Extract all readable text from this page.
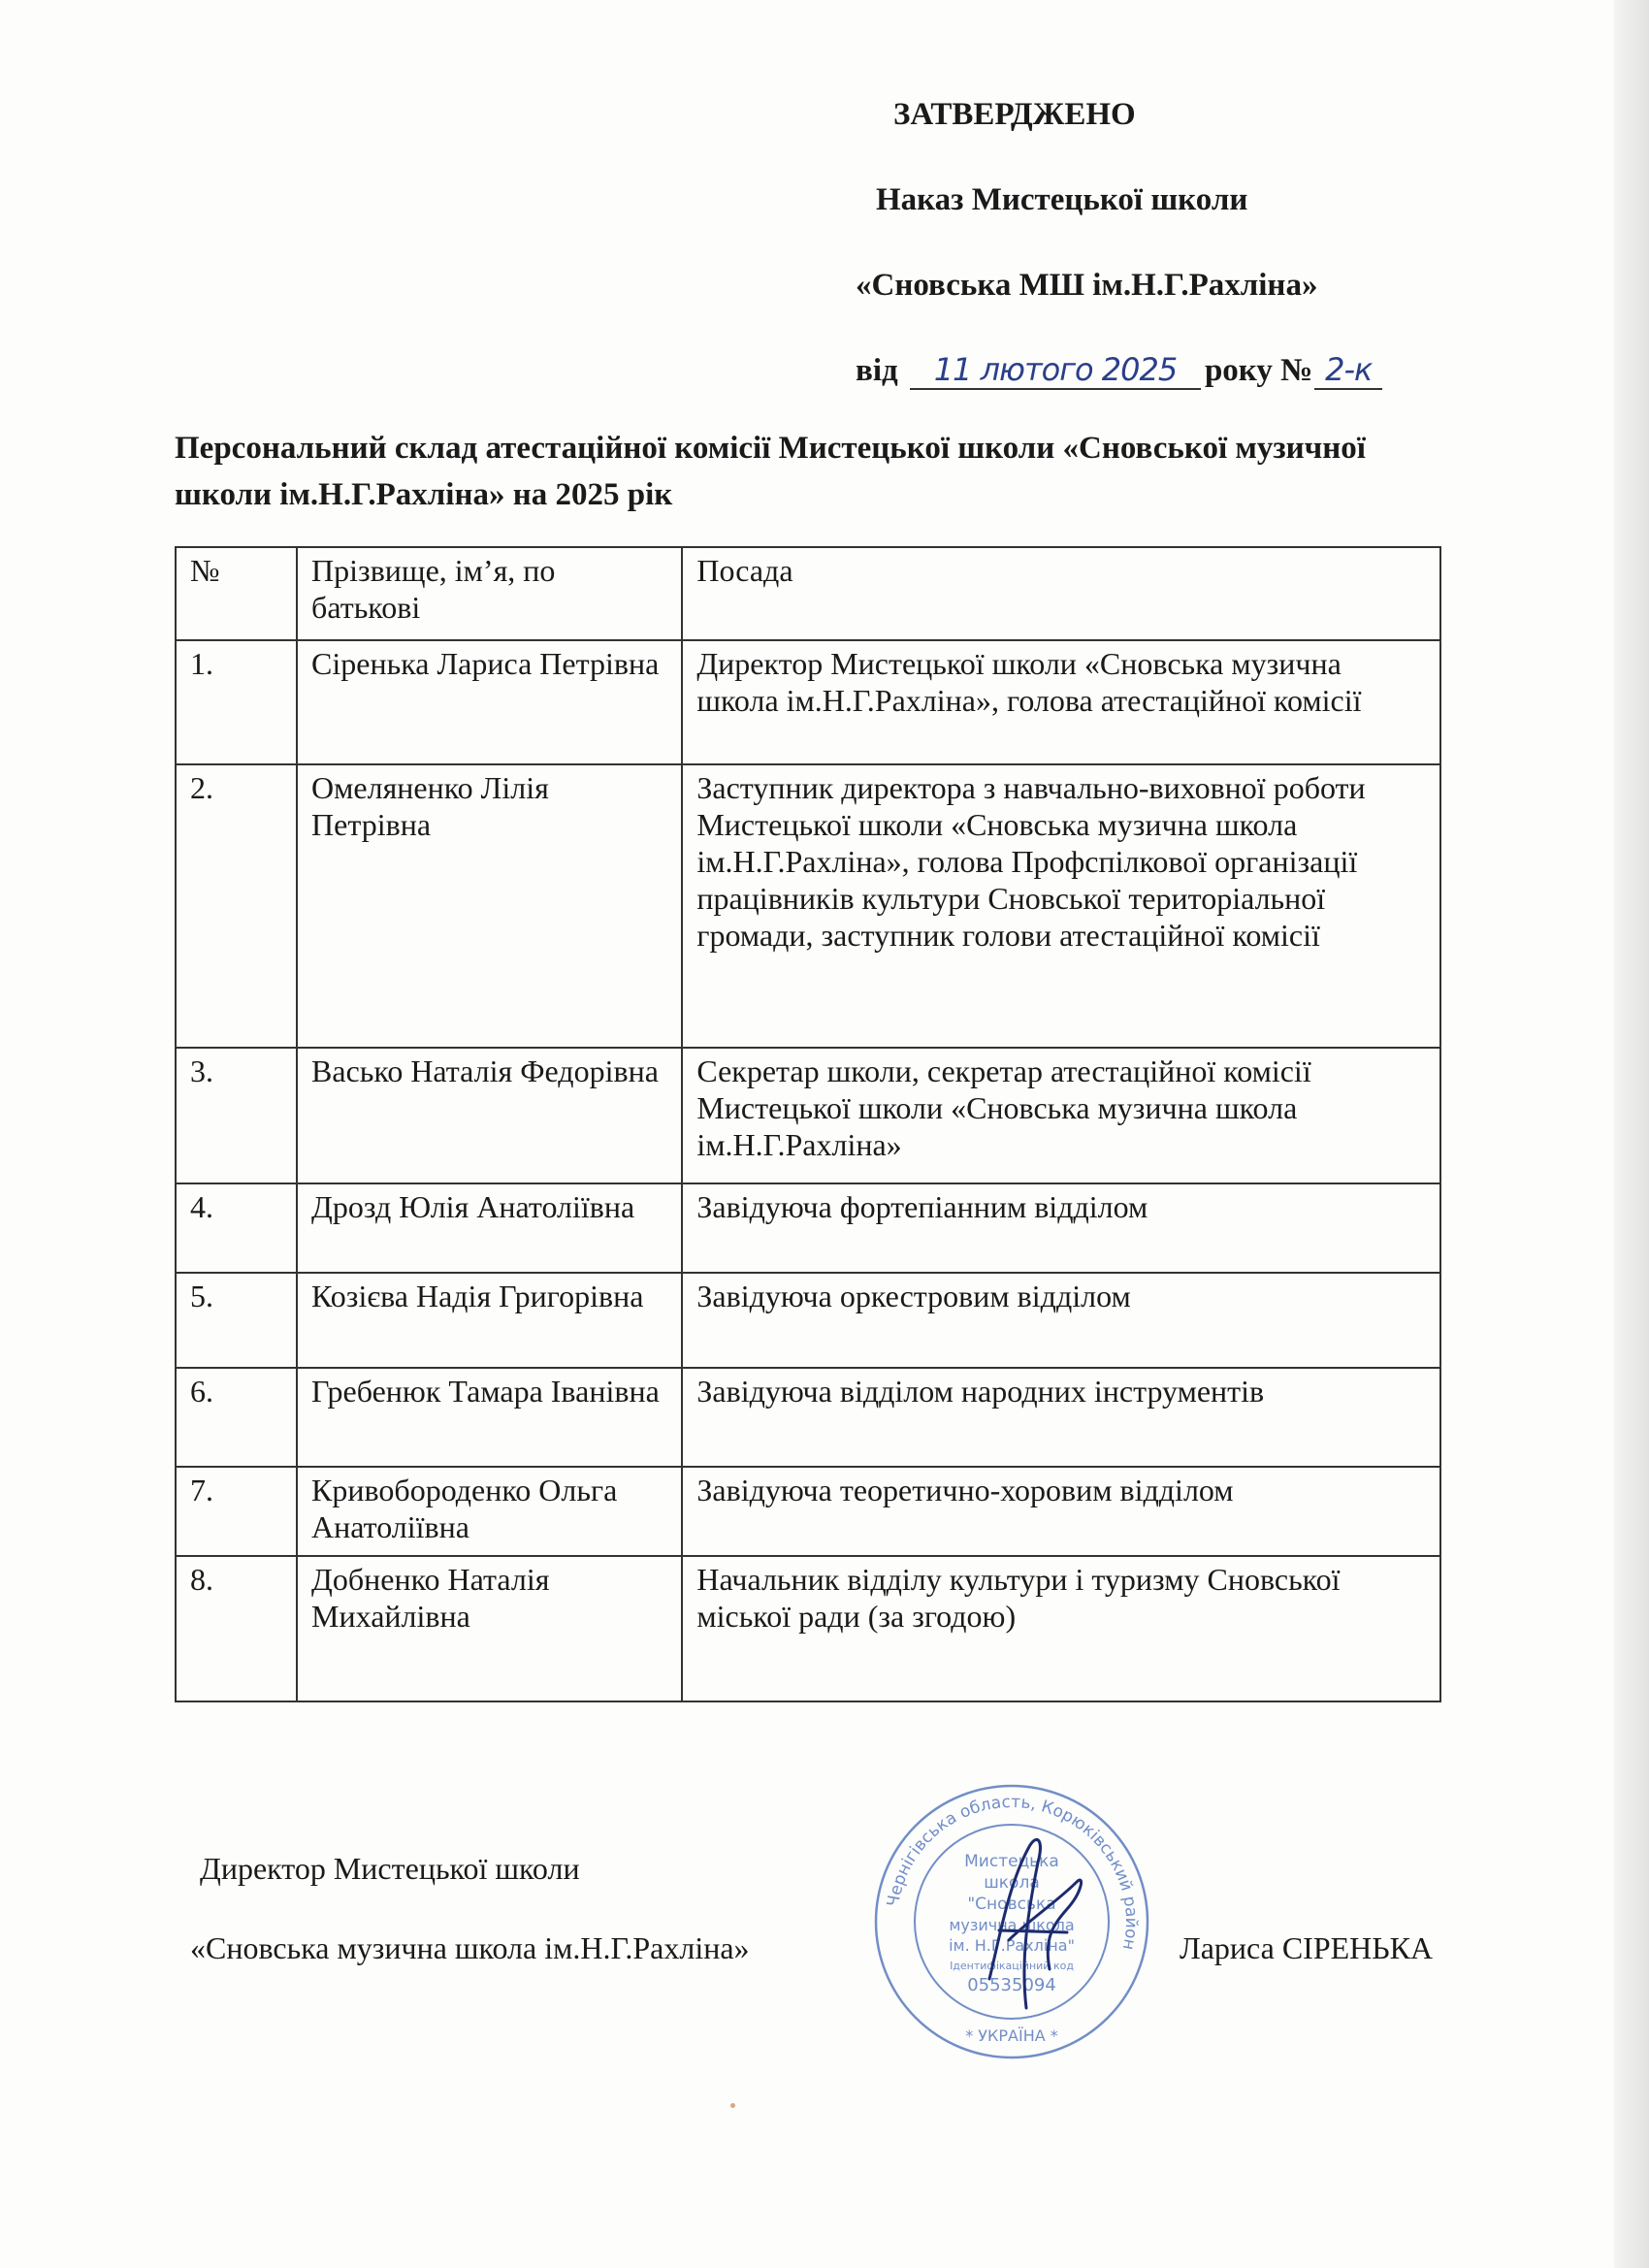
ЗАТВЕРДЖЕНО
Наказ Мистецької школи
«Сновська МШ ім.Н.Г.Рахліна»
від 11 лютого 2025 року № 2-к
Персональний склад атестаційної комісії Мистецької школи «Сновської музичної школи ім.Н.Г.Рахліна» на 2025 рік
№	Прізвище, ім’я, по батькові	Посада
1.	Сіренька Лариса Петрівна	Директор Мистецької школи «Сновська музична школа ім.Н.Г.Рахліна», голова атестаційної комісії
2.	Омеляненко Лілія Петрівна	Заступник директора з навчально-виховної роботи Мистецької школи «Сновська музична школа ім.Н.Г.Рахліна», голова Профспілкової організації працівників культури Сновської територіальної громади, заступник голови атестаційної комісії
3.	Васько Наталія Федорівна	Секретар школи, секретар атестаційної комісії Мистецької школи «Сновська музична школа ім.Н.Г.Рахліна»
4.	Дрозд Юлія Анатоліївна	Завідуюча фортепіанним відділом
5.	Козієва Надія Григорівна	Завідуюча оркестровим відділом
6.	Гребенюк Тамара Іванівна	Завідуюча відділом народних інструментів
7.	Кривобороденко Ольга Анатоліївна	Завідуюча теоретично-хоровим відділом
8.	Добненко Наталія Михайлівна	Начальник відділу культури і туризму Сновської міської ради (за згодою)
Директор Мистецької школи
«Сновська музична школа ім.Н.Г.Рахліна»	Лариса СІРЕНЬКА
Чернігівська область, Корюківський район
* УКРАЇНА *
Мистецька
школа
"Сновська
музична школа
ім. Н.Г.Рахліна"
Ідентифікаційний код
05535094
